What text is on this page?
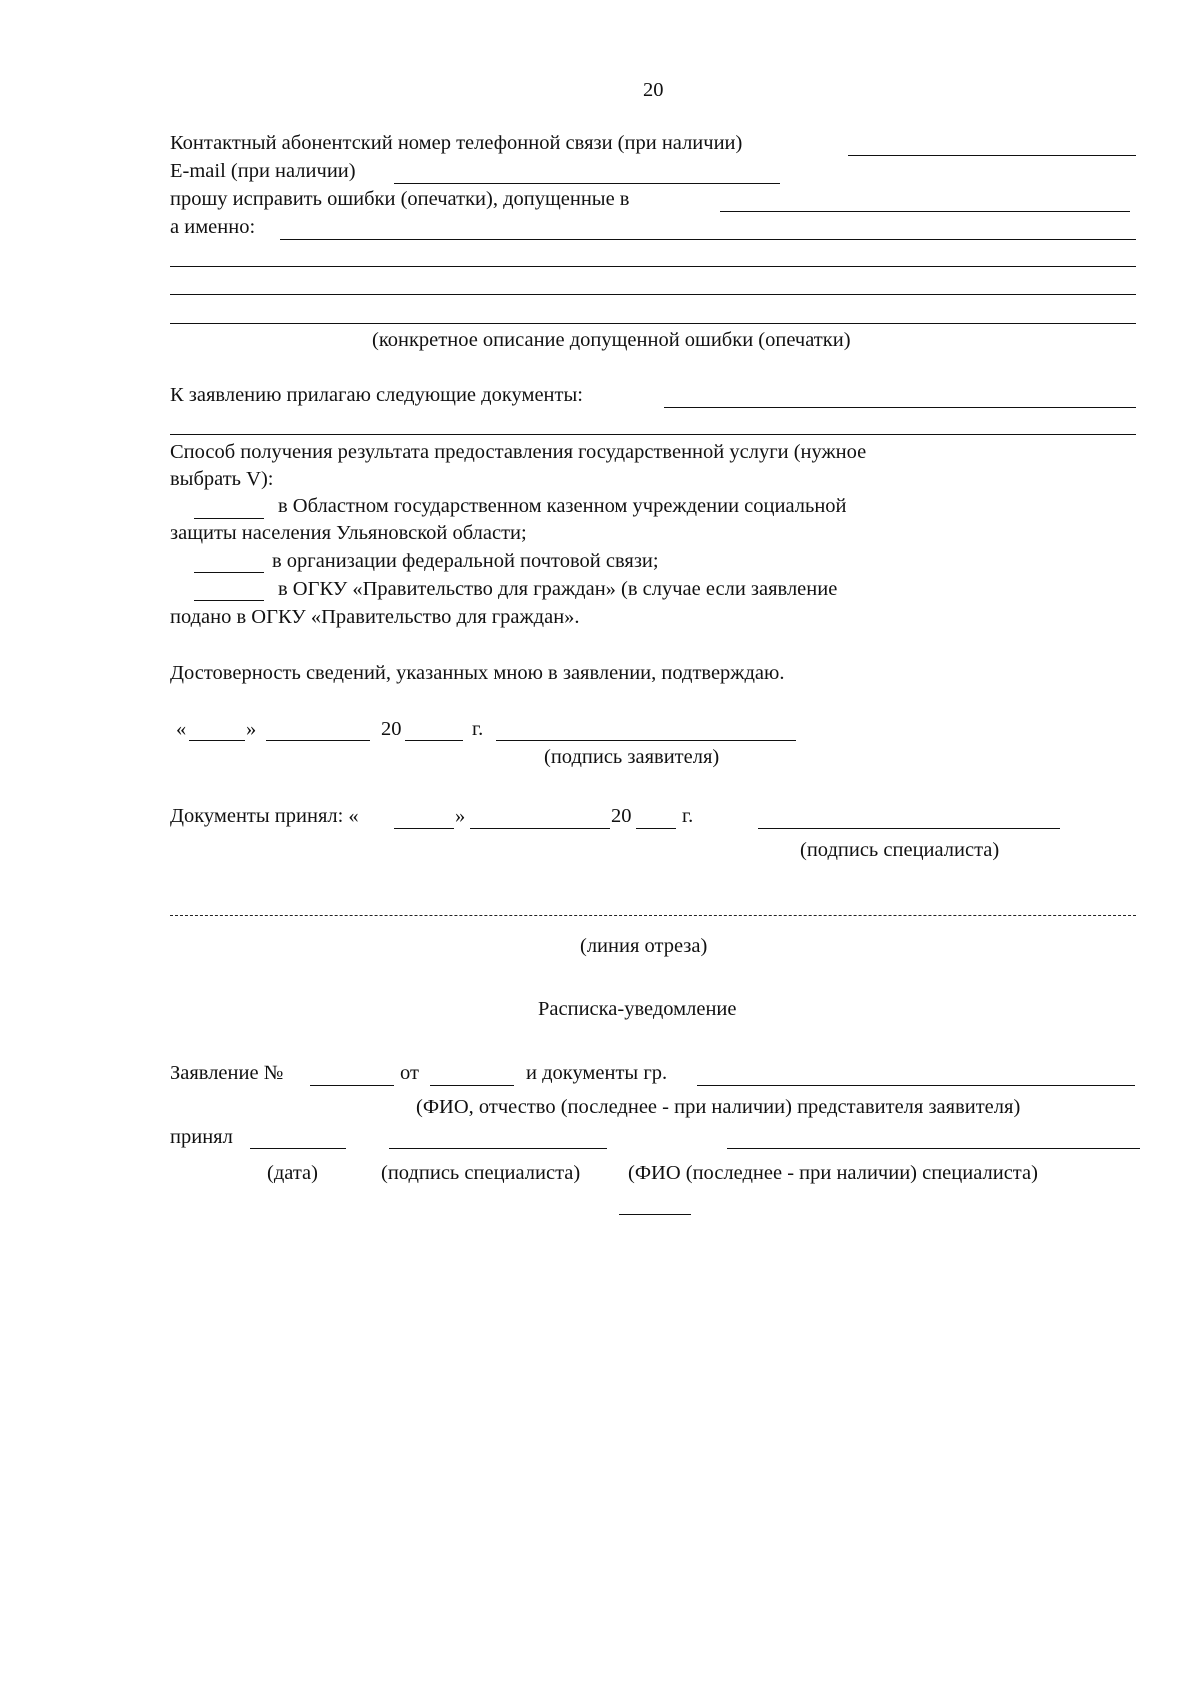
20
Контактный абонентский номер телефонной связи (при наличии)
E-mail (при наличии)
прошу исправить ошибки (опечатки), допущенные в
а именно:
(конкретное описание допущенной ошибки (опечатки)
К заявлению прилагаю следующие документы:
Способ получения результата предоставления государственной услуги (нужное
выбрать V):
в Областном государственном казенном учреждении социальной
защиты населения Ульяновской области;
в организации федеральной почтовой связи;
в ОГКУ «Правительство для граждан» (в случае если заявление
подано в ОГКУ «Правительство для граждан».
Достоверность сведений, указанных мною в заявлении, подтверждаю.
«	»	20	г.
(подпись заявителя)
Документы принял: «	»	20 г.
(подпись специалиста)
(линия отреза)
Расписка-уведомление
Заявление №	от	и документы гр.
(ФИО, отчество (последнее - при наличии) представителя заявителя)
принял
(дата)	(подпись специалиста) (ФИО (последнее - при наличии) специалиста)
